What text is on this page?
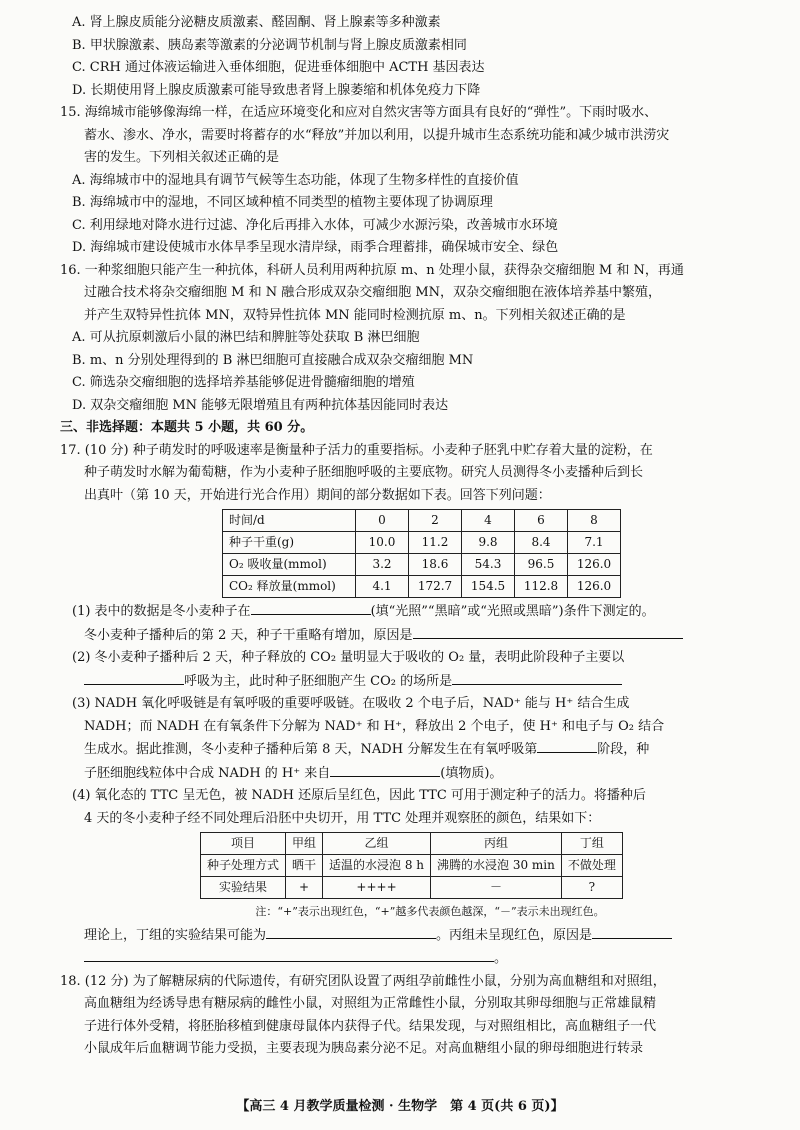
A. 肾上腺皮质能分泌糖皮质激素、醛固酮、肾上腺素等多种激素
B. 甲状腺激素、胰岛素等激素的分泌调节机制与肾上腺皮质激素相同
C. CRH 通过体液运输进入垂体细胞，促进垂体细胞中 ACTH 基因表达
D. 长期使用肾上腺皮质激素可能导致患者肾上腺萎缩和机体免疫力下降
15. 海绵城市能够像海绵一样，在适应环境变化和应对自然灾害等方面具有良好的“弹性”。下雨时吸水、
蓄水、渗水、净水，需要时将蓄存的水“释放”并加以利用，以提升城市生态系统功能和减少城市洪涝灾
害的发生。下列相关叙述正确的是
A. 海绵城市中的湿地具有调节气候等生态功能，体现了生物多样性的直接价值
B. 海绵城市中的湿地，不同区域种植不同类型的植物主要体现了协调原理
C. 利用绿地对降水进行过滤、净化后再排入水体，可减少水源污染，改善城市水环境
D. 海绵城市建设使城市水体旱季呈现水清岸绿，雨季合理蓄排，确保城市安全、绿色
16. 一种浆细胞只能产生一种抗体，科研人员利用两种抗原 m、n 处理小鼠，获得杂交瘤细胞 M 和 N，再通
过融合技术将杂交瘤细胞 M 和 N 融合形成双杂交瘤细胞 MN，双杂交瘤细胞在液体培养基中繁殖，
并产生双特异性抗体 MN，双特异性抗体 MN 能同时检测抗原 m、n。下列相关叙述正确的是
A. 可从抗原刺激后小鼠的淋巴结和脾脏等处获取 B 淋巴细胞
B. m、n 分别处理得到的 B 淋巴细胞可直接融合成双杂交瘤细胞 MN
C. 筛选杂交瘤细胞的选择培养基能够促进骨髓瘤细胞的增殖
D. 双杂交瘤细胞 MN 能够无限增殖且有两种抗体基因能同时表达
三、非选择题：本题共 5 小题，共 60 分。
17. (10 分) 种子萌发时的呼吸速率是衡量种子活力的重要指标。小麦种子胚乳中贮存着大量的淀粉，在
种子萌发时水解为葡萄糖，作为小麦种子胚细胞呼吸的主要底物。研究人员测得冬小麦播种后到长
出真叶（第 10 天，开始进行光合作用）期间的部分数据如下表。回答下列问题：
时间/d	0	2	4	6	8
种子干重(g)	10.0	11.2	9.8	8.4	7.1
O₂ 吸收量(mmol)	3.2	18.6	54.3	96.5	126.0
CO₂ 释放量(mmol)	4.1	172.7	154.5	112.8	126.0
(1) 表中的数据是冬小麦种子在	(填“光照”“黑暗”或“光照或黑暗”)条件下测定的。
冬小麦种子播种后的第 2 天，种子干重略有增加，原因是
(2) 冬小麦种子播种后 2 天，种子释放的 CO₂ 量明显大于吸收的 O₂ 量，表明此阶段种子主要以
呼吸为主，此时种子胚细胞产生 CO₂ 的场所是
(3) NADH 氧化呼吸链是有氧呼吸的重要呼吸链。在吸收 2 个电子后，NAD⁺ 能与 H⁺ 结合生成
NADH；而 NADH 在有氧条件下分解为 NAD⁺ 和 H⁺，释放出 2 个电子，使 H⁺ 和电子与 O₂ 结合
生成水。据此推测，冬小麦种子播种后第 8 天，NADH 分解发生在有氧呼吸第	阶段，种
子胚细胞线粒体中合成 NADH 的 H⁺ 来自	(填物质)。
(4) 氧化态的 TTC 呈无色，被 NADH 还原后呈红色，因此 TTC 可用于测定种子的活力。将播种后
4 天的冬小麦种子经不同处理后沿胚中央切开，用 TTC 处理并观察胚的颜色，结果如下：
项目	甲组	乙组	丙组	丁组
种子处理方式	晒干	适温的水浸泡 8 h	沸腾的水浸泡 30 min	不做处理
实验结果	+	++++	－	?
注：“+”表示出现红色，“+”越多代表颜色越深，“－”表示未出现红色。
理论上，丁组的实验结果可能为	。丙组未呈现红色，原因是
。
18. (12 分) 为了解糖尿病的代际遗传，有研究团队设置了两组孕前雌性小鼠，分别为高血糖组和对照组，
高血糖组为经诱导患有糖尿病的雌性小鼠，对照组为正常雌性小鼠，分别取其卵母细胞与正常雄鼠精
子进行体外受精，将胚胎移植到健康母鼠体内获得子代。结果发现，与对照组相比，高血糖组子一代
小鼠成年后血糖调节能力受损，主要表现为胰岛素分泌不足。对高血糖组小鼠的卵母细胞进行转录
【高三 4 月教学质量检测 · 生物学　第 4 页(共 6 页)】
